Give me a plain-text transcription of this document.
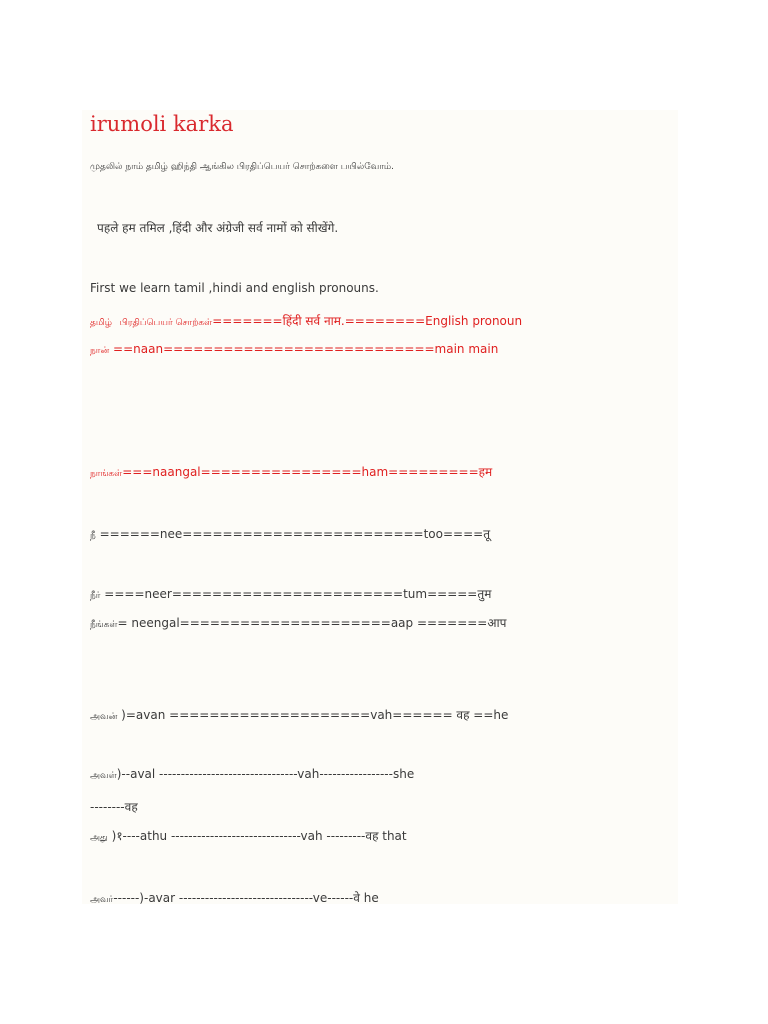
irumoli karka
முதலில் நாம் தமிழ் ஹிந்தி ஆங்கில பிரதிப்பெயர் சொற்களை பயில்வோம்.
पहले हम तमिल ,हिंदी और अंग्रेजी सर्व नामों को सीखेंगे.
First we learn tamil ,hindi and english pronouns.
தமிழ் பிரதிப்பெயர் சொற்கள்=======हिंदी सर्व नाम.========English pronoun
நான் ==naan===========================main main
நாங்கள்===naangal================ham=========हम
நீ ======nee========================too====तू
நீர் ====neer=======================tum=====तुम
நீங்கள்= neengal=====================aap =======आप
அவன் )=avan ====================vah====== वह ==he
அவள்)--aval --------------------------------vah-----------------she
--------वह
அது )१----athu ------------------------------vah ---------वह that
அவர்------)-avar -------------------------------ve------वे he
